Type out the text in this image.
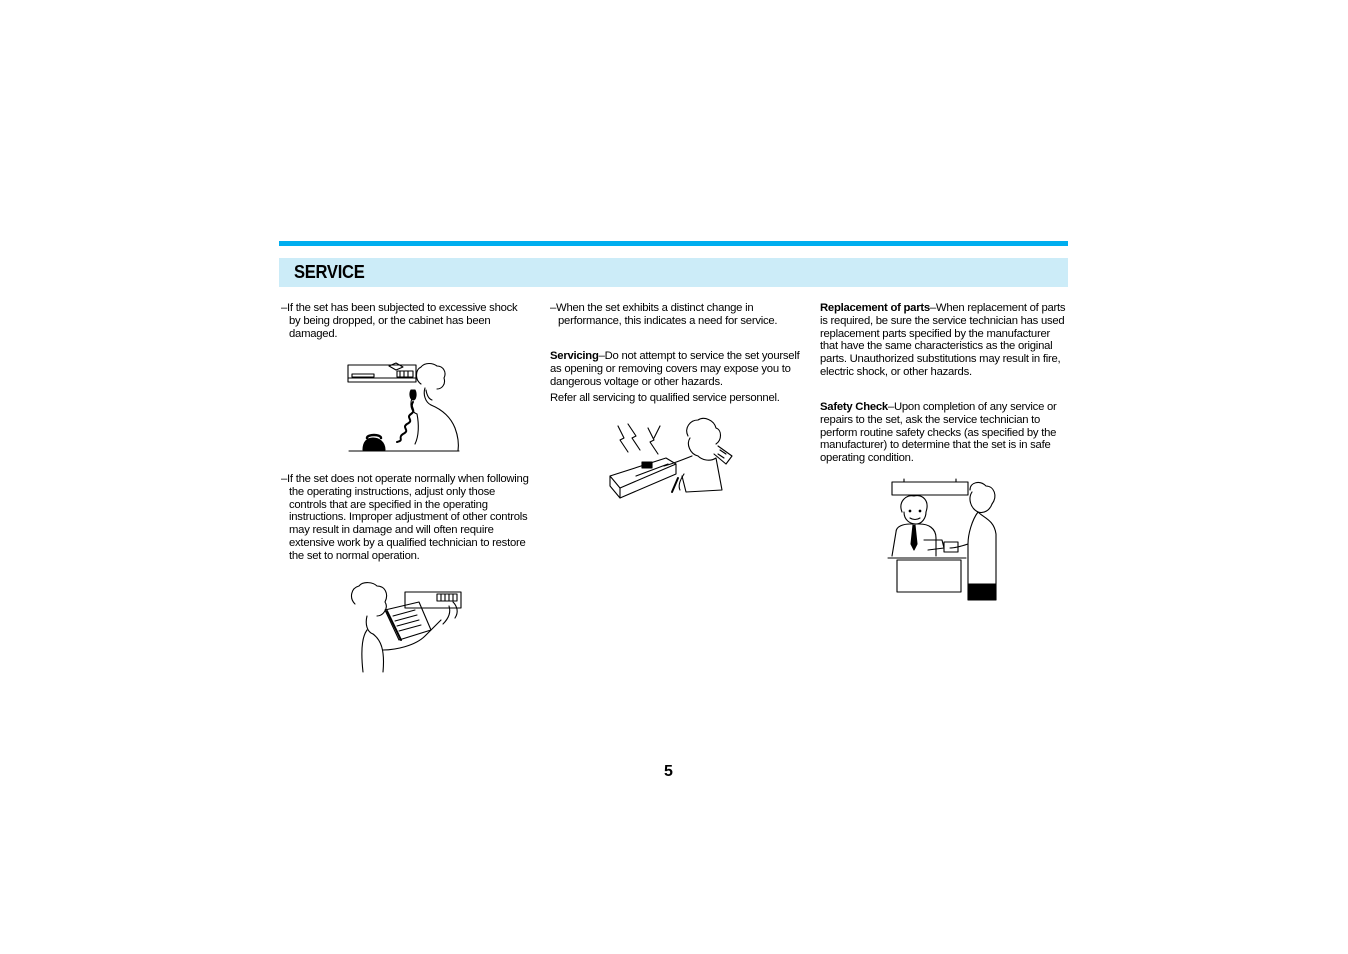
SERVICE

–If the set has been subjected to excessive shock by being dropped, or the cabinet has been damaged.

–If the set does not operate normally when following the operating instructions, adjust only those controls that are specified in the operating instructions. Improper adjustment of other controls may result in damage and will often require extensive work by a qualified technician to restore the set to normal operation.

–When the set exhibits a distinct change in performance, this indicates a need for service.

Servicing–Do not attempt to service the set yourself as opening or removing covers may expose you to dangerous voltage or other hazards.
Refer all servicing to qualified service personnel.
Replacement of parts–When replacement of parts is required, be sure the service technician has used replacement parts specified by the manufacturer that have the same characteristics as the original parts. Unauthorized substitutions may result in fire, electric shock, or other hazards.
Safety Check–Upon completion of any service or repairs to the set, ask the service technician to perform routine safety checks (as specified by the manufacturer) to determine that the set is in safe operating condition.
5
